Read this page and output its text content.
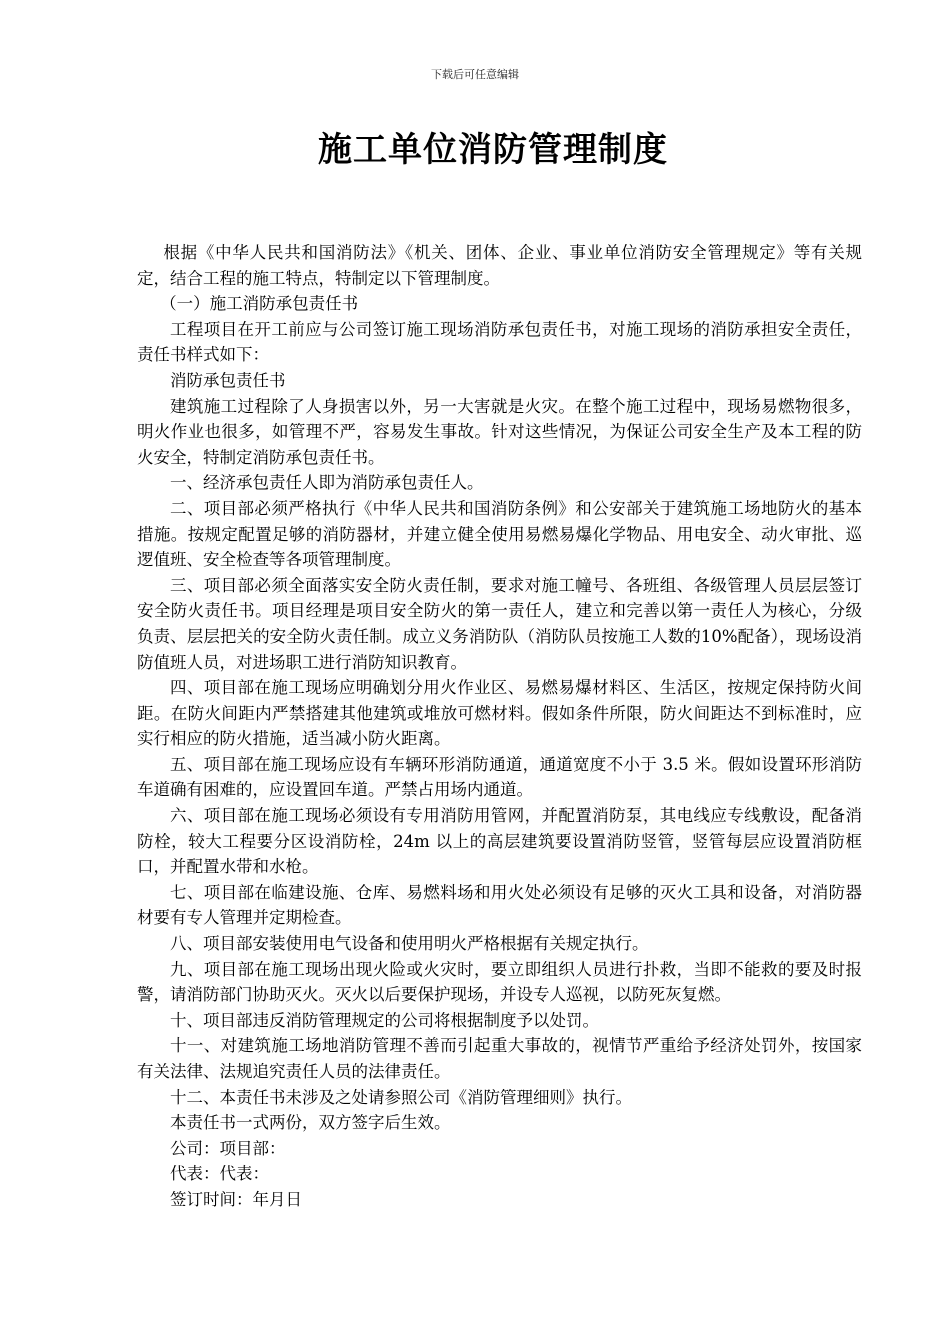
下载后可任意编辑
施工单位消防管理制度

根据《中华人民共和国消防法》《机关、团体、企业、事业单位消防安全管理规定》等有关规定，结合工程的施工特点，特制定以下管理制度。

（一）施工消防承包责任书

工程项目在开工前应与公司签订施工现场消防承包责任书，对施工现场的消防承担安全责任，责任书样式如下：

消防承包责任书

建筑施工过程除了人身损害以外，另一大害就是火灾。在整个施工过程中，现场易燃物很多，明火作业也很多，如管理不严，容易发生事故。针对这些情况，为保证公司安全生产及本工程的防火安全，特制定消防承包责任书。

一、经济承包责任人即为消防承包责任人。

二、项目部必须严格执行《中华人民共和国消防条例》和公安部关于建筑施工场地防火的基本措施。按规定配置足够的消防器材，并建立健全使用易燃易爆化学物品、用电安全、动火审批、巡逻值班、安全检查等各项管理制度。

三、项目部必须全面落实安全防火责任制，要求对施工幢号、各班组、各级管理人员层层签订安全防火责任书。项目经理是项目安全防火的第一责任人，建立和完善以第一责任人为核心，分级负责、层层把关的安全防火责任制。成立义务消防队（消防队员按施工人数的10%配备），现场设消防值班人员，对进场职工进行消防知识教育。

四、项目部在施工现场应明确划分用火作业区、易燃易爆材料区、生活区，按规定保持防火间距。在防火间距内严禁搭建其他建筑或堆放可燃材料。假如条件所限，防火间距达不到标准时，应实行相应的防火措施，适当减小防火距离。

五、项目部在施工现场应设有车辆环形消防通道，通道宽度不小于 3.5 米。假如设置环形消防车道确有困难的，应设置回车道。严禁占用场内通道。

六、项目部在施工现场必须设有专用消防用管网，并配置消防泵，其电线应专线敷设，配备消防栓，较大工程要分区设消防栓，24m 以上的高层建筑要设置消防竖管，竖管每层应设置消防框口，并配置水带和水枪。

七、项目部在临建设施、仓库、易燃料场和用火处必须设有足够的灭火工具和设备，对消防器材要有专人管理并定期检查。

八、项目部安装使用电气设备和使用明火严格根据有关规定执行。

九、项目部在施工现场出现火险或火灾时，要立即组织人员进行扑救，当即不能救的要及时报警，请消防部门协助灭火。灭火以后要保护现场，并设专人巡视，以防死灰复燃。

十、项目部违反消防管理规定的公司将根据制度予以处罚。

十一、对建筑施工场地消防管理不善而引起重大事故的，视情节严重给予经济处罚外，按国家有关法律、法规追究责任人员的法律责任。

十二、本责任书未涉及之处请参照公司《消防管理细则》执行。

本责任书一式两份，双方签字后生效。

公司：项目部：

代表：代表：

签订时间：年月日
